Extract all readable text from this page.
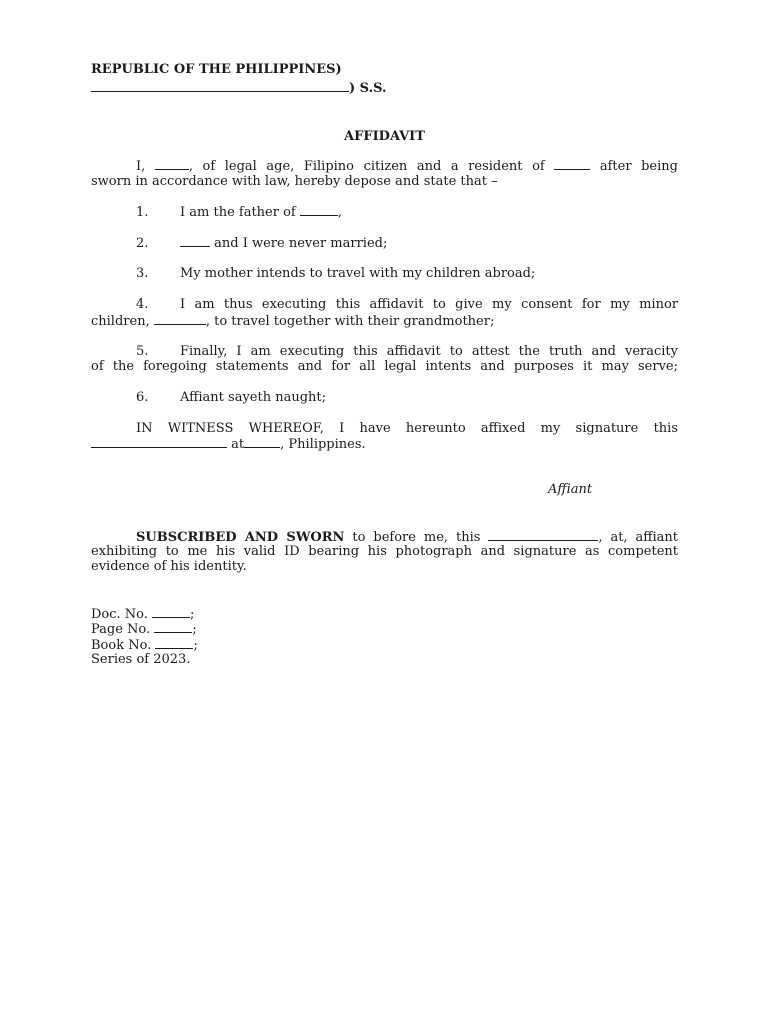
REPUBLIC OF THE PHILIPPINES)
) S.S.
AFFIDAVIT
I,	, of legal age, Filipino citizen and a resident of	after being
sworn in accordance with law, hereby depose and state that –
1. I am the father of	,
2.	and I were never married;
3. My mother intends to travel with my children abroad;
4. I am thus executing this affidavit to give my consent for my minor
children,	, to travel together with their grandmother;
5. Finally, I am executing this affidavit to attest the truth and veracity
of the foregoing statements and for all legal intents and purposes it may serve;
6. Affiant sayeth naught;
IN WITNESS WHEREOF, I have hereunto affixed my signature this
at	, Philippines.
Affiant
SUBSCRIBED AND SWORN to before me, this	, at, affiant
exhibiting to me his valid ID bearing his photograph and signature as competent
evidence of his identity.
Doc. No.	;
Page No.	;
Book No.	;
Series of 2023.
